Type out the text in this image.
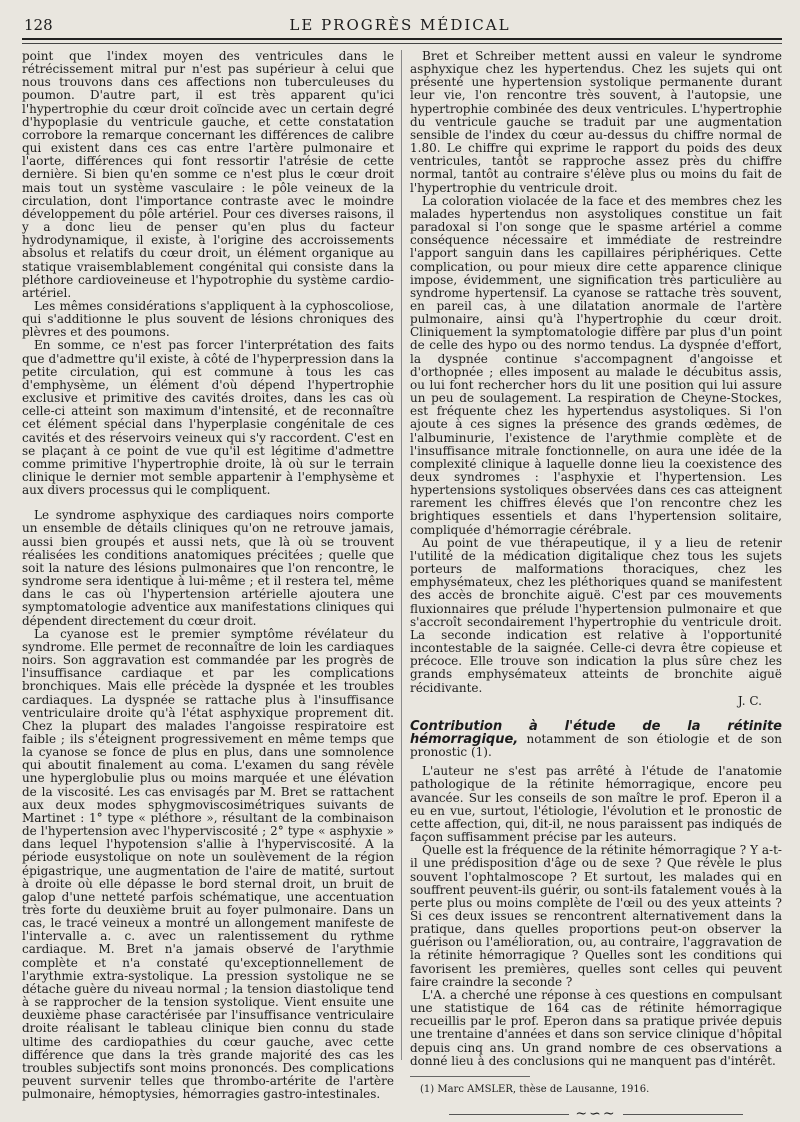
128	LE PROGRÈS MÉDICAL

point que l'index moyen des ventricules dans le rétrécissement mitral pur n'est pas supérieur à celui que nous trouvons dans ces affections non tuberculeuses du poumon. D'autre part, il est très apparent qu'ici l'hypertrophie du cœur droit coïncide avec un certain degré d'hypoplasie du ventricule gauche, et cette constatation corrobore la remarque concernant les différences de calibre qui existent dans ces cas entre l'artère pulmonaire et l'aorte, différences qui font ressortir l'atrésie de cette dernière. Si bien qu'en somme ce n'est plus le cœur droit mais tout un système vasculaire : le pôle veineux de la circulation, dont l'importance contraste avec le moindre développement du pôle artériel. Pour ces diverses raisons, il y a donc lieu de penser qu'en plus du facteur hydrodynamique, il existe, à l'origine des accroissements absolus et relatifs du cœur droit, un élément organique au statique vraisemblablement congénital qui consiste dans la pléthore cardioveineuse et l'hypotrophie du système cardio-artériel.

Les mêmes considérations s'appliquent à la cyphoscoliose, qui s'additionne le plus souvent de lésions chroniques des plèvres et des poumons.

En somme, ce n'est pas forcer l'interprétation des faits que d'admettre qu'il existe, à côté de l'hyperpression dans la petite circulation, qui est commune à tous les cas d'emphysème, un élément d'où dépend l'hypertrophie exclusive et primitive des cavités droites, dans les cas où celle-ci atteint son maximum d'intensité, et de reconnaître cet élément spécial dans l'hyperplasie congénitale de ces cavités et des réservoirs veineux qui s'y raccordent. C'est en se plaçant à ce point de vue qu'il est légitime d'admettre comme primitive l'hypertrophie droite, là où sur le terrain clinique le dernier mot semble appartenir à l'emphysème et aux divers processus qui le compliquent.

Le syndrome asphyxique des cardiaques noirs comporte un ensemble de détails cliniques qu'on ne retrouve jamais, aussi bien groupés et aussi nets, que là où se trouvent réalisées les conditions anatomiques précitées ; quelle que soit la nature des lésions pulmonaires que l'on rencontre, le syndrome sera identique à lui-même ; et il restera tel, même dans le cas où l'hypertension artérielle ajoutera une symptomatologie adventice aux manifestations cliniques qui dépendent directement du cœur droit.

La cyanose est le premier symptôme révélateur du syndrome. Elle permet de reconnaître de loin les cardiaques noirs. Son aggravation est commandée par les progrès de l'insuffisance cardiaque et par les complications bronchiques. Mais elle précède la dyspnée et les troubles cardiaques. La dyspnée se rattache plus à l'insuffisance ventriculaire droite qu'à l'état asphyxique proprement dit. Chez la plupart des malades l'angoisse respiratoire est faible ; ils s'éteignent progressivement en même temps que la cyanose se fonce de plus en plus, dans une somnolence qui aboutit finalement au coma. L'examen du sang révèle une hyperglobulie plus ou moins marquée et une élévation de la viscosité. Les cas envisagés par M. Bret se rattachent aux deux modes sphygmoviscosimétriques suivants de Martinet : 1° type « pléthore », résultant de la combinaison de l'hypertension avec l'hyperviscosité ; 2° type « asphyxie » dans lequel l'hypotension s'allie à l'hyperviscosité. A la période eusystolique on note un soulèvement de la région épigastrique, une augmentation de l'aire de matité, surtout à droite où elle dépasse le bord sternal droit, un bruit de galop d'une netteté parfois schématique, une accentuation très forte du deuxième bruit au foyer pulmonaire. Dans un cas, le tracé veineux a montré un allongement manifeste de l'intervalle a. c. avec un ralentissement du rythme cardiaque. M. Bret n'a jamais observé de l'arythmie complète et n'a constaté qu'exceptionnellement de l'arythmie extra-systolique. La pression systolique ne se détache guère du niveau normal ; la tension diastolique tend à se rapprocher de la tension systolique. Vient ensuite une deuxième phase caractérisée par l'insuffisance ventriculaire droite réalisant le tableau clinique bien connu du stade ultime des cardiopathies du cœur gauche, avec cette différence que dans la très grande majorité des cas les troubles subjectifs sont moins prononcés. Des complications peuvent survenir telles que thrombo-artérite de l'artère pulmonaire, hémoptysies, hémorragies gastro-intestinales.

Bret et Schreiber mettent aussi en valeur le syndrome asphyxique chez les hypertendus. Chez les sujets qui ont présenté une hypertension systolique permanente durant leur vie, l'on rencontre très souvent, à l'autopsie, une hypertrophie combinée des deux ventricules. L'hypertrophie du ventricule gauche se traduit par une augmentation sensible de l'index du cœur au-dessus du chiffre normal de 1.80. Le chiffre qui exprime le rapport du poids des deux ventricules, tantôt se rapproche assez près du chiffre normal, tantôt au contraire s'élève plus ou moins du fait de l'hypertrophie du ventricule droit.

La coloration violacée de la face et des membres chez les malades hypertendus non asystoliques constitue un fait paradoxal si l'on songe que le spasme artériel a comme conséquence nécessaire et immédiate de restreindre l'apport sanguin dans les capillaires périphériques. Cette complication, ou pour mieux dire cette apparence clinique impose, évidemment, une signification très particulière au syndrome hypertensif. La cyanose se rattache très souvent, en pareil cas, à une dilatation anormale de l'artère pulmonaire, ainsi qu'à l'hypertrophie du cœur droit. Cliniquement la symptomatologie diffère par plus d'un point de celle des hypo ou des normo tendus. La dyspnée d'effort, la dyspnée continue s'accompagnent d'angoisse et d'orthopnée ; elles imposent au malade le décubitus assis, ou lui font rechercher hors du lit une position qui lui assure un peu de soulagement. La respiration de Cheyne-Stockes, est fréquente chez les hypertendus asystoliques. Si l'on ajoute à ces signes la présence des grands œdèmes, de l'albuminurie, l'existence de l'arythmie complète et de l'insuffisance mitrale fonctionnelle, on aura une idée de la complexité clinique à laquelle donne lieu la coexistence des deux syndromes : l'asphyxie et l'hypertension. Les hypertensions systoliques observées dans ces cas atteignent rarement les chiffres élevés que l'on rencontre chez les brightiques essentiels et dans l'hypertension solitaire, compliquée d'hémorragie cérébrale.

Au point de vue thérapeutique, il y a lieu de retenir l'utilité de la médication digitalique chez tous les sujets porteurs de malformations thoraciques, chez les emphysémateux, chez les pléthoriques quand se manifestent des accès de bronchite aiguë. C'est par ces mouvements fluxionnaires que prélude l'hypertension pulmonaire et que s'accroît secondairement l'hypertrophie du ventricule droit. La seconde indication est relative à l'opportunité incontestable de la saignée. Celle-ci devra être copieuse et précoce. Elle trouve son indication la plus sûre chez les grands emphysémateux atteints de bronchite aiguë récidivante.

J. C.

Contribution à l'étude de la rétinite hémorragique, notamment de son étiologie et de son pronostic (1).

L'auteur ne s'est pas arrêté à l'étude de l'anatomie pathologique de la rétinite hémorragique, encore peu avancée. Sur les conseils de son maître le prof. Eperon il a eu en vue, surtout, l'étiologie, l'évolution et le pronostic de cette affection, qui, dit-il, ne nous paraissent pas indiqués de façon suffisamment précise par les auteurs.

Quelle est la fréquence de la rétinite hémorragique ? Y a-t-il une prédisposition d'âge ou de sexe ? Que révèle le plus souvent l'ophtalmoscope ? Et surtout, les malades qui en souffrent peuvent-ils guérir, ou sont-ils fatalement voués à la perte plus ou moins complète de l'œil ou des yeux atteints ? Si ces deux issues se rencontrent alternativement dans la pratique, dans quelles proportions peut-on observer la guérison ou l'amélioration, ou, au contraire, l'aggravation de la rétinite hémorragique ? Quelles sont les conditions qui favorisent les premières, quelles sont celles qui peuvent faire craindre la seconde ?

L'A. a cherché une réponse à ces questions en compulsant une statistique de 164 cas de rétinite hémorragique recueillis par le prof. Eperon dans sa pratique privée depuis une trentaine d'années et dans son service clinique d'hôpital depuis cinq ans. Un grand nombre de ces observations a donné lieu à des conclusions qui ne manquent pas d'intérêt.

(1) Marc AMSLER, thèse de Lausanne, 1916.
~∽~
